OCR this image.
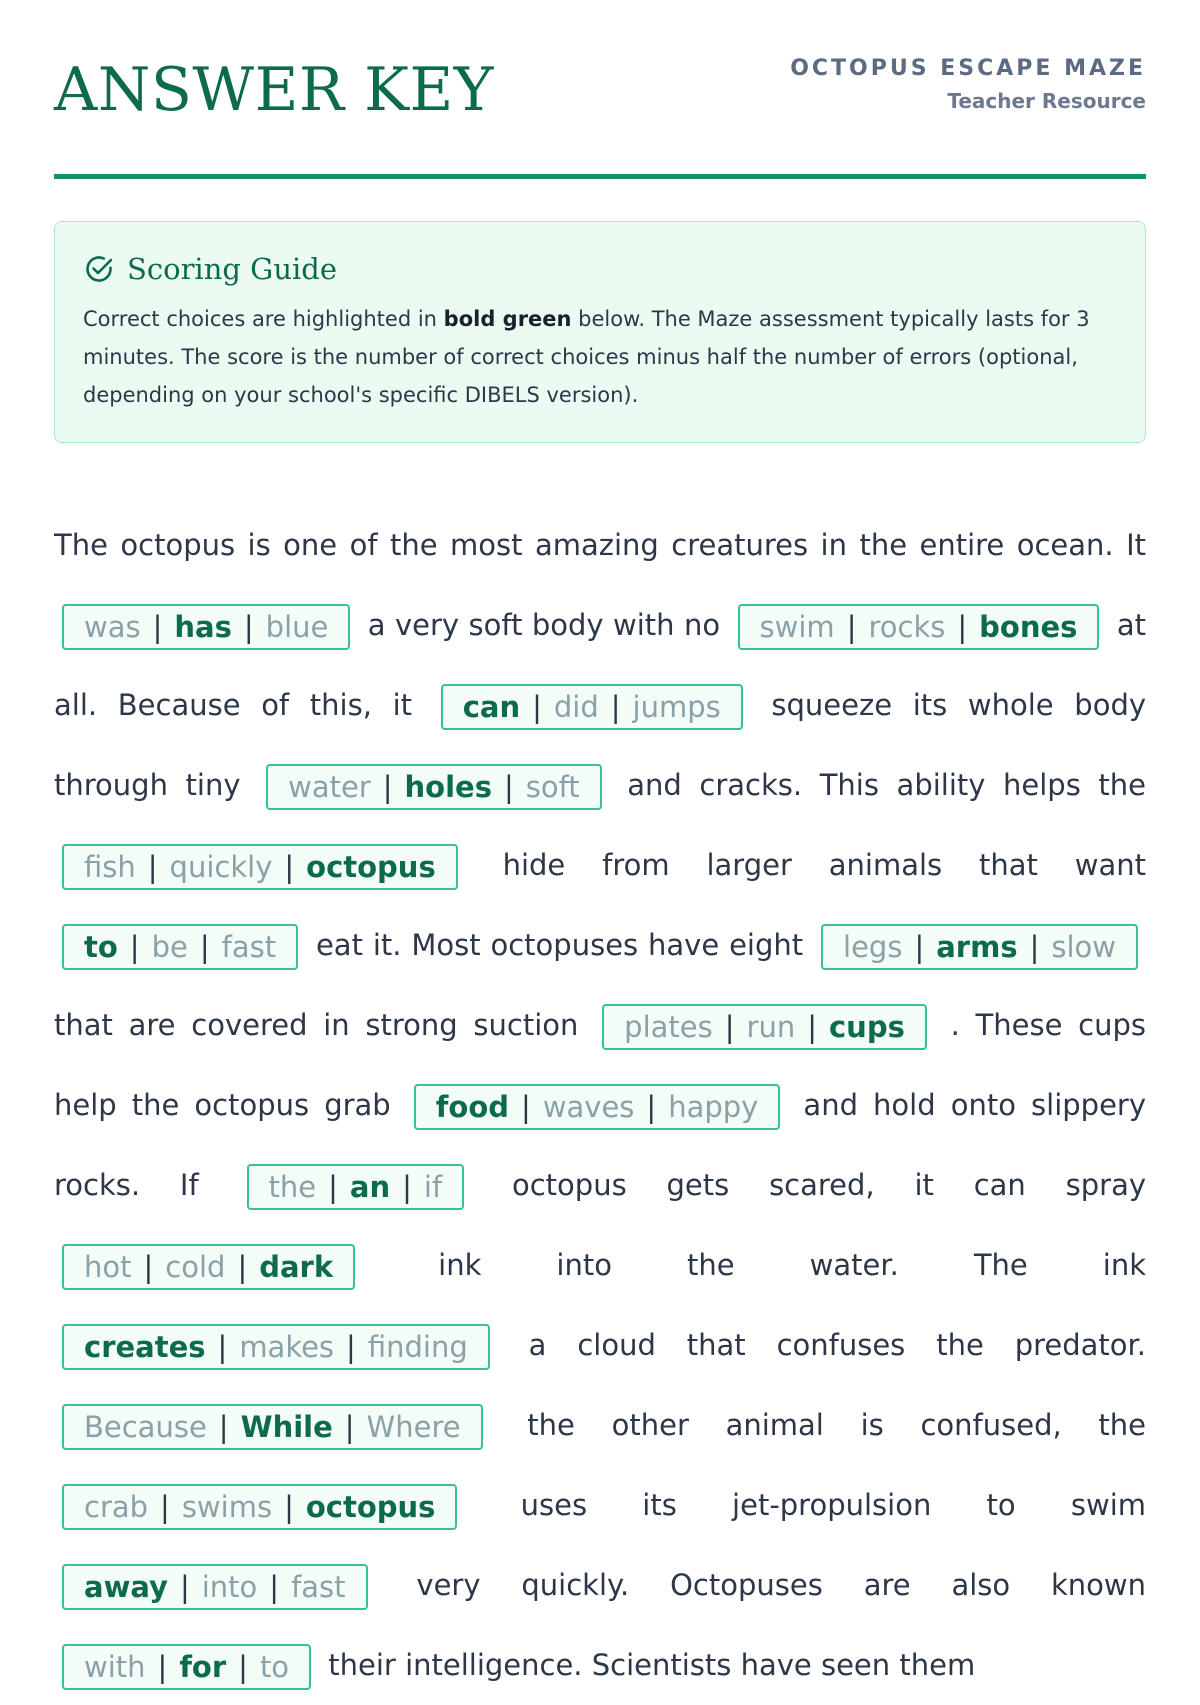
ANSWER KEY	OCTOPUS ESCAPE MAZE
Teacher Resource
Scoring Guide
Correct choices are highlighted in bold green below. The Maze assessment typically lasts for 3 minutes. The score is the number of correct choices minus half the number of errors (optional, depending on your school's specific DIBELS version).
The octopus is one of the most amazing creatures in the entire ocean. It was | has | blue a very soft body with no swim | rocks | bones at all. Because of this, it can | did | jumps squeeze its whole body through tiny water | holes | soft and cracks. This ability helps the fish | quickly | octopus hide from larger animals that want to | be | fast eat it. Most octopuses have eight legs | arms | slow that are covered in strong suction plates | run | cups . These cups help the octopus grab food | waves | happy and hold onto slippery rocks. If the | an | if octopus gets scared, it can spray hot | cold | dark	ink into the water. The ink creates | makes | finding a cloud that confuses the predator. Because | While | Where the other animal is confused, the crab | swims | octopus	uses its jet-propulsion to swim away | into | fast very quickly. Octopuses are also known with | for | to their intelligence. Scientists have seen them
